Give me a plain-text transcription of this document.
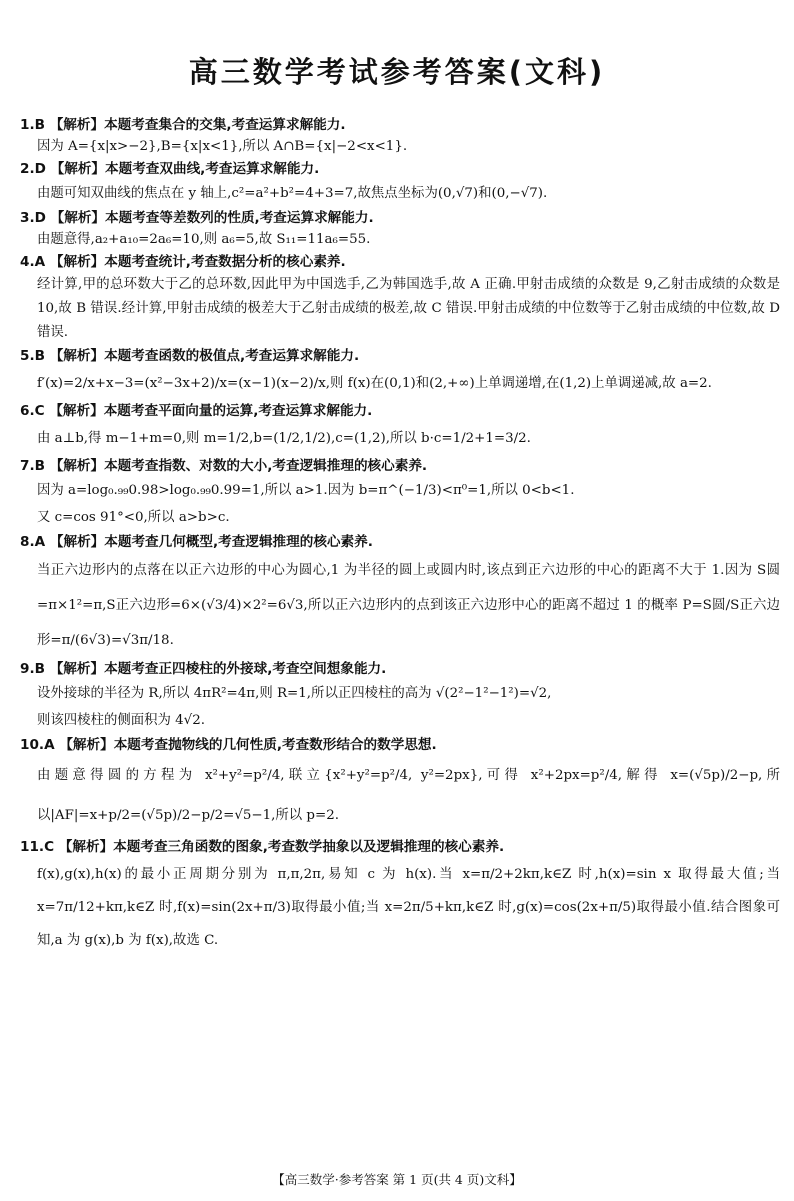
高三数学考试参考答案(文科)
1.B 【解析】本题考查集合的交集,考查运算求解能力.
因为 A={x|x>−2},B={x|x<1},所以 A∩B={x|−2<x<1}.
2.D 【解析】本题考查双曲线,考查运算求解能力.
由题可知双曲线的焦点在 y 轴上,c²=a²+b²=4+3=7,故焦点坐标为(0,√7)和(0,−√7).
3.D 【解析】本题考查等差数列的性质,考查运算求解能力.
由题意得,a₂+a₁₀=2a₆=10,则 a₆=5,故 S₁₁=11a₆=55.
4.A 【解析】本题考查统计,考查数据分析的核心素养.
经计算,甲的总环数大于乙的总环数,因此甲为中国选手,乙为韩国选手,故 A 正确.甲射击成绩的众数是 9,乙射击成绩的众数是 10,故 B 错误.经计算,甲射击成绩的极差大于乙射击成绩的极差,故 C 错误.甲射击成绩的中位数等于乙射击成绩的中位数,故 D 错误.
5.B 【解析】本题考查函数的极值点,考查运算求解能力.
f′(x)=2/x+x−3=(x²−3x+2)/x=(x−1)(x−2)/x,则 f(x)在(0,1)和(2,+∞)上单调递增,在(1,2)上单调递减,故 a=2.
6.C 【解析】本题考查平面向量的运算,考查运算求解能力.
由 a⊥b,得 m−1+m=0,则 m=1/2,b=(1/2,1/2),c=(1,2),所以 b·c=1/2+1=3/2.
7.B 【解析】本题考查指数、对数的大小,考查逻辑推理的核心素养.
因为 a=log₀.₉₉0.98>log₀.₉₉0.99=1,所以 a>1.因为 b=π^(−1/3)<π⁰=1,所以 0<b<1.
又 c=cos 91°<0,所以 a>b>c.
8.A 【解析】本题考查几何概型,考查逻辑推理的核心素养.
当正六边形内的点落在以正六边形的中心为圆心,1 为半径的圆上或圆内时,该点到正六边形的中心的距离不大于 1.因为 S圆=π×1²=π,S正六边形=6×(√3/4)×2²=6√3,所以正六边形内的点到该正六边形中心的距离不超过 1 的概率 P=S圆/S正六边形=π/(6√3)=√3π/18.
9.B 【解析】本题考查正四棱柱的外接球,考查空间想象能力.
设外接球的半径为 R,所以 4πR²=4π,则 R=1,所以正四棱柱的高为 √(2²−1²−1²)=√2,
则该四棱柱的侧面积为 4√2.
10.A 【解析】本题考查抛物线的几何性质,考查数形结合的数学思想.
由题意得圆的方程为 x²+y²=p²/4,联立{x²+y²=p²/4, y²=2px},可得 x²+2px=p²/4,解得 x=(√5p)/2−p,所以|AF|=x+p/2=(√5p)/2−p/2=√5−1,所以 p=2.
11.C 【解析】本题考查三角函数的图象,考查数学抽象以及逻辑推理的核心素养.
f(x),g(x),h(x)的最小正周期分别为 π,π,2π,易知 c 为 h(x).当 x=π/2+2kπ,k∈Z 时,h(x)=sin x 取得最大值;当 x=7π/12+kπ,k∈Z 时,f(x)=sin(2x+π/3)取得最小值;当 x=2π/5+kπ,k∈Z 时,g(x)=cos(2x+π/5)取得最小值.结合图象可知,a 为 g(x),b 为 f(x),故选 C.
【高三数学·参考答案 第 1 页(共 4 页)文科】
